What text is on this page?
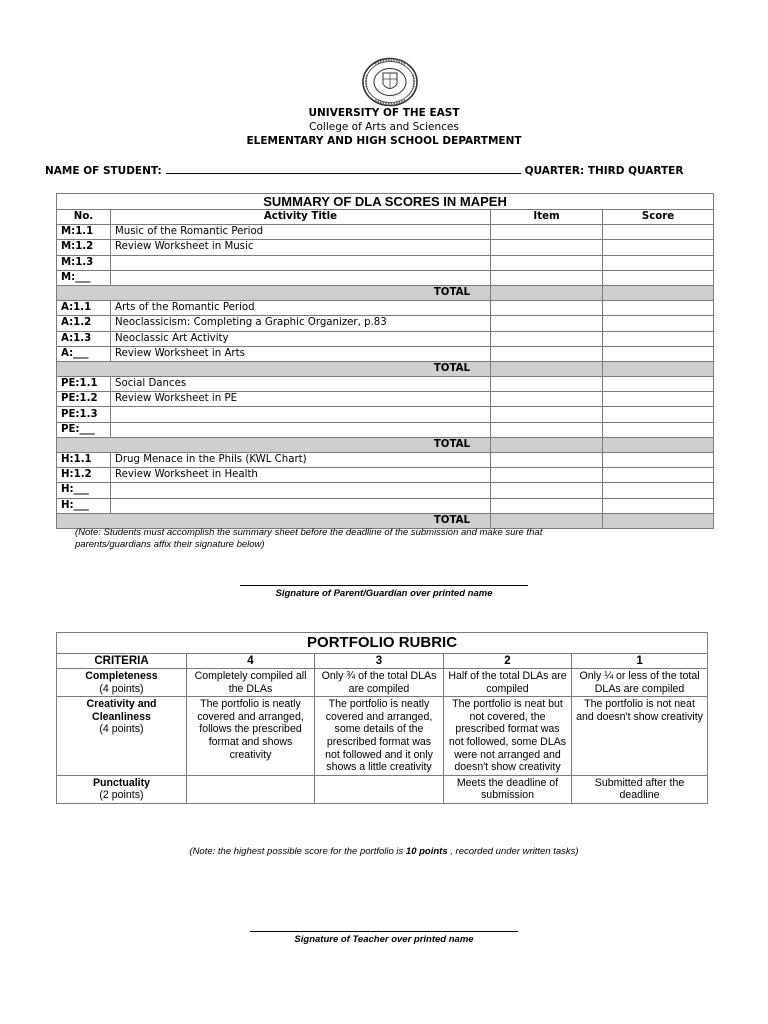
UNIVERSITY OF THE EAST
College of Arts and Sciences
ELEMENTARY AND HIGH SCHOOL DEPARTMENT
NAME OF STUDENT:	QUARTER: THIRD QUARTER
SUMMARY OF DLA SCORES IN MAPEH			
No.	Activity Title	Item	Score
M:1.1	Music of the Romantic Period		
M:1.2	Review Worksheet in Music		
M:1.3			
M:___			
TOTAL			
A:1.1	Arts of the Romantic Period		
A:1.2	Neoclassicism: Completing a Graphic Organizer, p.83		
A:1.3	Neoclassic Art Activity		
A:___	Review Worksheet in Arts		
TOTAL			
PE:1.1	Social Dances		
PE:1.2	Review Worksheet in PE		
PE:1.3			
PE:___			
TOTAL			
H:1.1	Drug Menace in the Phils (KWL Chart)		
H:1.2	Review Worksheet in Health		
H:___			
H:___			
TOTAL			
(Note: Students must accomplish the summary sheet before the deadline of the submission and make sure that
parents/guardians affix their signature below)
Signature of Parent/Guardian over printed name
PORTFOLIO RUBRIC				
CRITERIA	4	3	2	1

Completeness
(4 points)	Completely compiled all the DLAs	Only ¾ of the total DLAs are compiled	Half of the total DLAs are compiled	Only ¼ or less of the total DLAs are compiled

Creativity and Cleanliness
(4 points)	The portfolio is neatly covered and arranged, follows the prescribed format and shows creativity	The portfolio is neatly covered and arranged, some details of the prescribed format was not followed and it only shows a little creativity	The portfolio is neat but not covered, the prescribed format was not followed, some DLAs were not arranged and doesn't show creativity	The portfolio is not neat and doesn't show creativity

Punctuality
(2 points)			Meets the deadline of submission	Submitted after the deadline
(Note: the highest possible score for the portfolio is 10 points , recorded under written tasks)
Signature of Teacher over printed name
